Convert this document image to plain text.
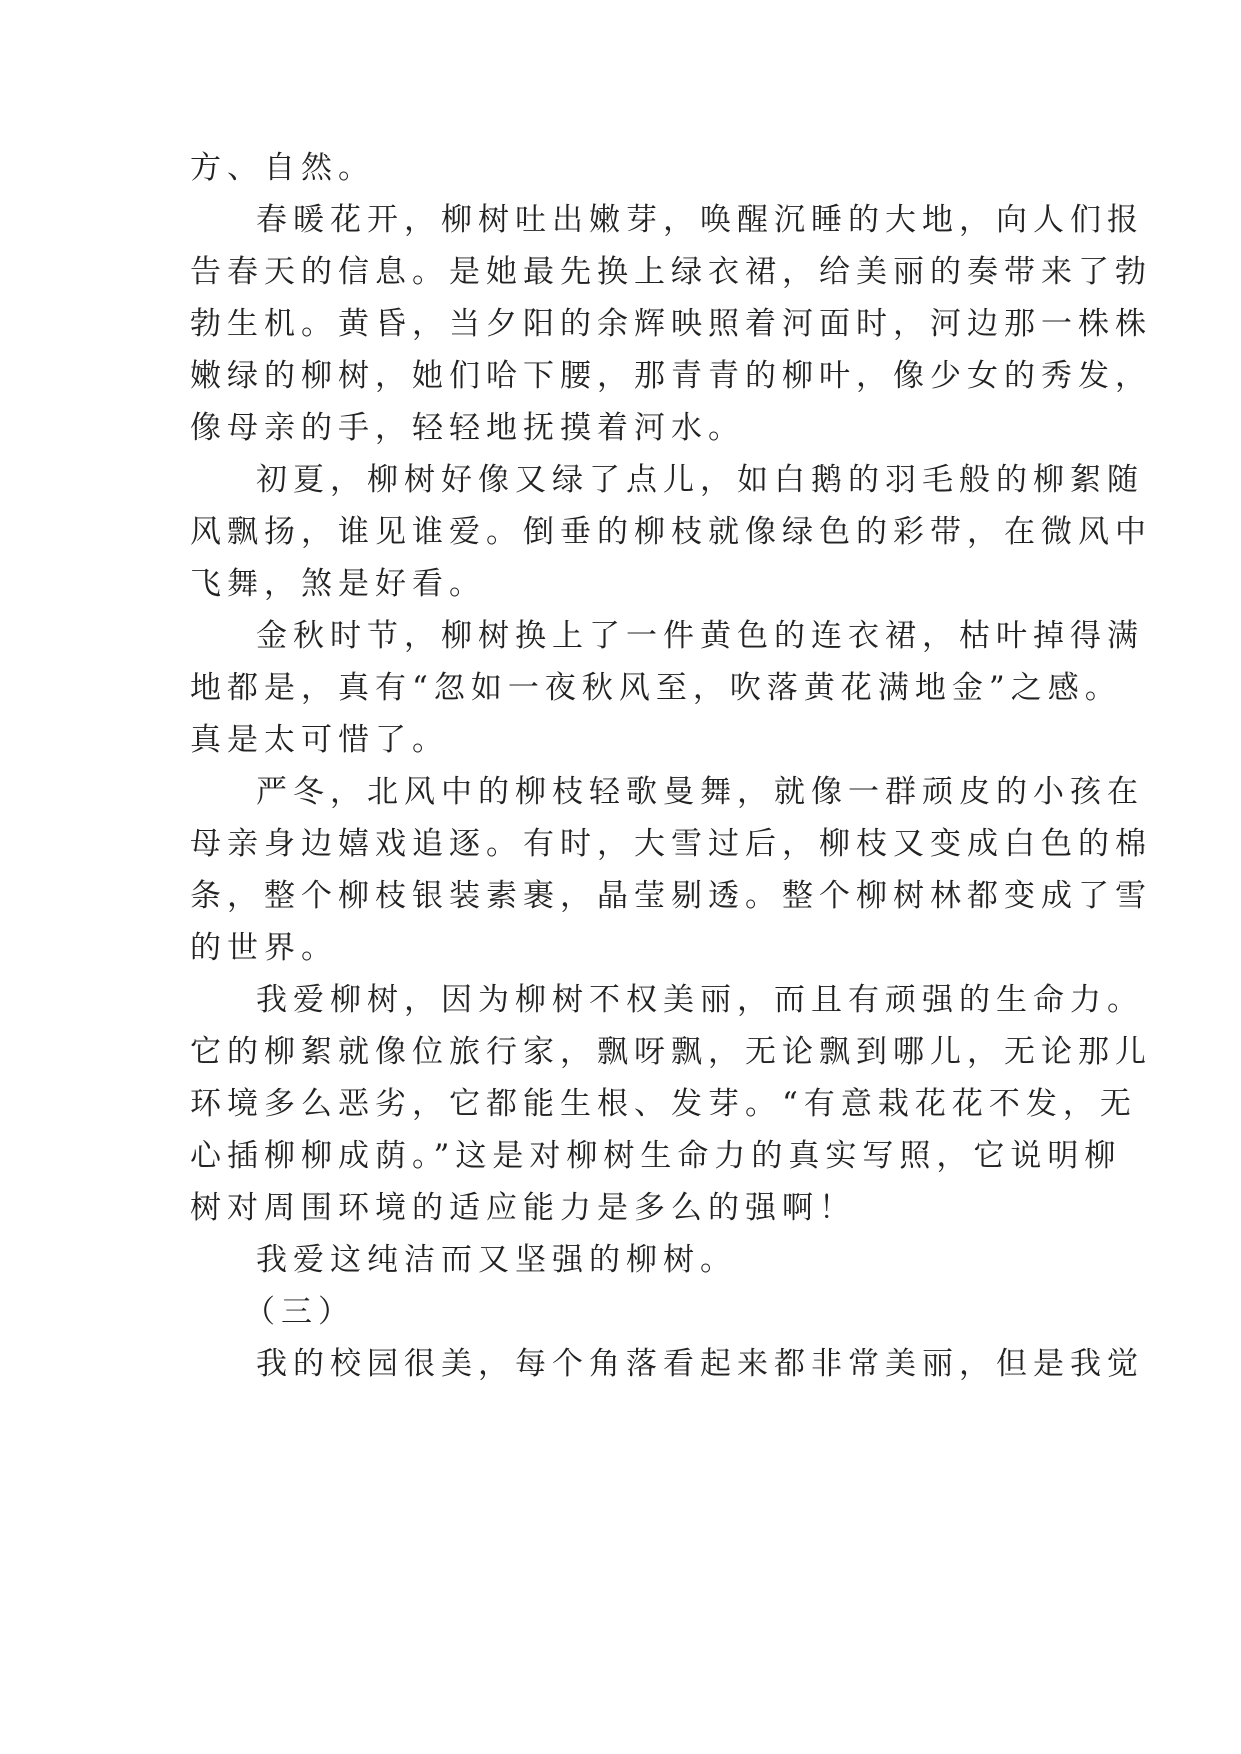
方、自然。
春暖花开，柳树吐出嫩芽，唤醒沉睡的大地，向人们报
告春天的信息。是她最先换上绿衣裙，给美丽的奏带来了勃
勃生机。黄昏，当夕阳的余辉映照着河面时，河边那一株株
嫩绿的柳树，她们哈下腰，那青青的柳叶，像少女的秀发，
像母亲的手，轻轻地抚摸着河水。
初夏，柳树好像又绿了点儿，如白鹅的羽毛般的柳絮随
风飘扬，谁见谁爱。倒垂的柳枝就像绿色的彩带，在微风中
飞舞，煞是好看。
金秋时节，柳树换上了一件黄色的连衣裙，枯叶掉得满
地都是，真有“忽如一夜秋风至，吹落黄花满地金”之感。
真是太可惜了。
严冬，北风中的柳枝轻歌曼舞，就像一群顽皮的小孩在
母亲身边嬉戏追逐。有时，大雪过后，柳枝又变成白色的棉
条，整个柳枝银装素裹，晶莹剔透。整个柳树林都变成了雪
的世界。
我爱柳树，因为柳树不权美丽，而且有顽强的生命力。
它的柳絮就像位旅行家，飘呀飘，无论飘到哪儿，无论那儿
环境多么恶劣，它都能生根、发芽。“有意栽花花不发，无
心插柳柳成荫。”这是对柳树生命力的真实写照，它说明柳
树对周围环境的适应能力是多么的强啊！
我爱这纯洁而又坚强的柳树。
（三）
我的校园很美，每个角落看起来都非常美丽，但是我觉
